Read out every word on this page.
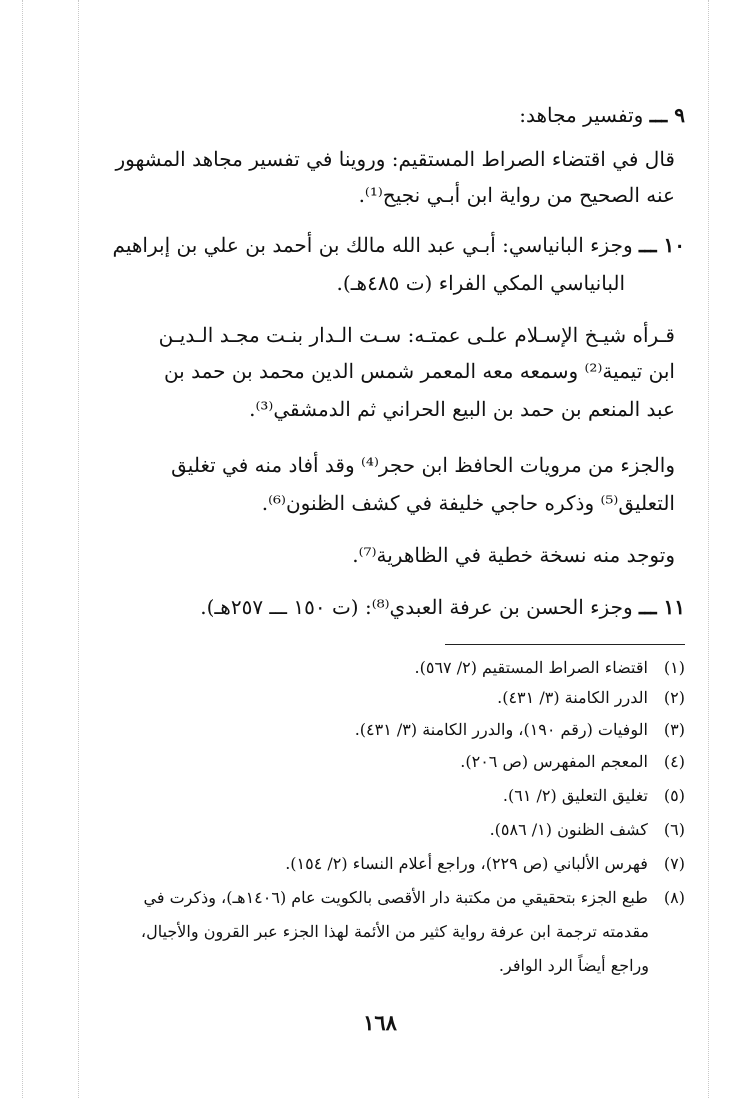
٩ ـــ وتفسير مجاهد:
قال في اقتضاء الصراط المستقيم: وروينا في تفسير مجاهد المشهور
عنه الصحيح من رواية ابن أبـي نجيح⁽¹⁾.
١٠ ـــ وجزء البانياسي: أبـي عبد الله مالك بن أحمد بن علي بن إبراهيم
البانياسي المكي الفراء (ت ٤٨٥هـ).
قـرأه شيـخ الإسـلام علـى عمتـه: سـت الـدار بنـت مجـد الـديـن
ابن تيمية⁽²⁾ وسمعه معه المعمر شمس الدين محمد بن حمد بن
عبد المنعم بن حمد بن البيع الحراني ثم الدمشقي⁽³⁾.
والجزء من مرويات الحافظ ابن حجر⁽⁴⁾ وقد أفاد منه في تغليق
التعليق⁽⁵⁾ وذكره حاجي خليفة في كشف الظنون⁽⁶⁾.
وتوجد منه نسخة خطية في الظاهرية⁽⁷⁾.
١١ ـــ وجزء الحسن بن عرفة العبدي⁽⁸⁾: (ت ١٥٠ ـــ ٢٥٧هـ).
(١) اقتضاء الصراط المستقيم (٢/ ٥٦٧).
(٢) الدرر الكامنة (٣/ ٤٣١).
(٣) الوفيات (رقم ١٩٠)، والدرر الكامنة (٣/ ٤٣١).
(٤) المعجم المفهرس (ص ٢٠٦).
(٥) تغليق التعليق (٢/ ٦١).
(٦) كشف الظنون (١/ ٥٨٦).
(٧) فهرس الألباني (ص ٢٢٩)، وراجع أعلام النساء (٢/ ١٥٤).
(٨) طبع الجزء بتحقيقي من مكتبة دار الأقصى بالكويت عام (١٤٠٦هـ)، وذكرت في
مقدمته ترجمة ابن عرفة رواية كثير من الأئمة لهذا الجزء عبر القرون والأجيال،
وراجع أيضاً الرد الوافر.
١٦٨
